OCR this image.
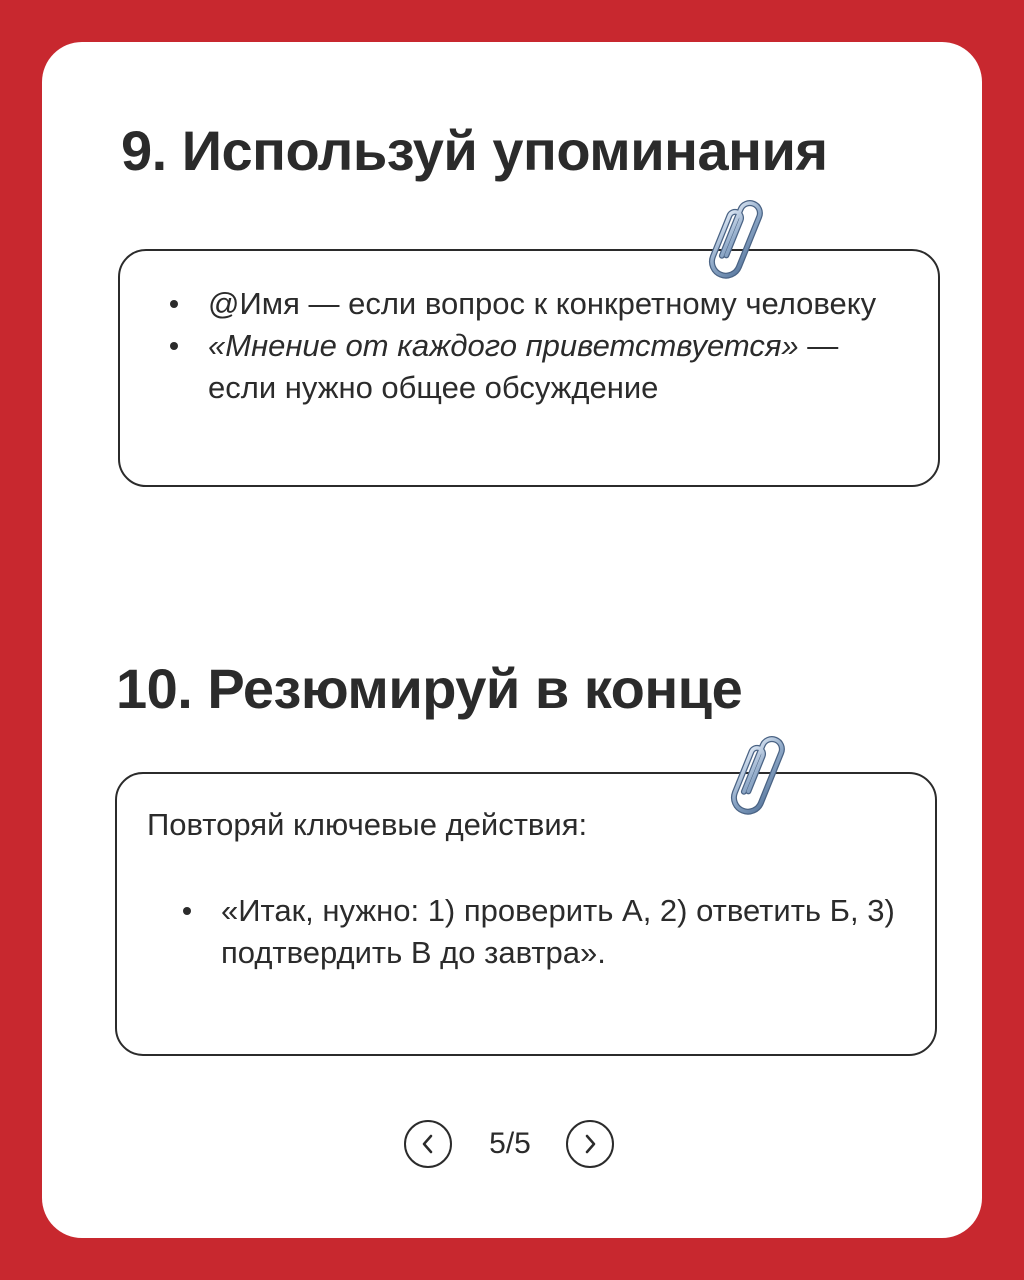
9. Используй упоминания
@Имя — если вопрос к конкретному человеку
«Мнение от каждого приветствуется» — если нужно общее обсуждение
10. Резюмируй в конце

Повторяй ключевые действия:

«Итак, нужно: 1) проверить А, 2) ответить Б, 3) подтвердить В до завтра».
5/5
